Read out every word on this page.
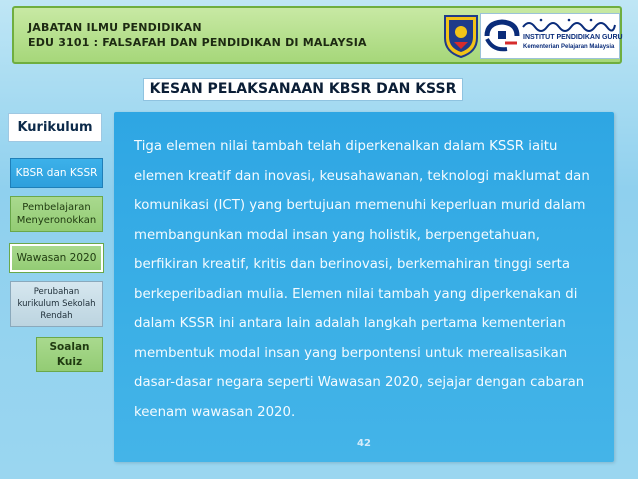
JABATAN ILMU PENDIDIKAN
EDU 3101 : FALSAFAH DAN PENDIDIKAN DI MALAYSIA	INSTITUT PENDIDIKAN GURU
Kementerian Pelajaran Malaysia
KESAN PELAKSANAAN KBSR DAN KSSR
Kurikulum
KBSR dan KSSR
Pembelajaran
Menyeronokkan
Wawasan 2020
Perubahan
kurikulum Sekolah
Rendah
Soalan
Kuiz

Tiga elemen nilai tambah telah diperkenalkan dalam KSSR iaitu elemen kreatif dan inovasi, keusahawanan, teknologi maklumat dan komunikasi (ICT) yang bertujuan memenuhi keperluan murid dalam membangunkan modal insan yang holistik, berpengetahuan, berfikiran kreatif, kritis dan berinovasi, berkemahiran tinggi serta berkeperibadian mulia. Elemen nilai tambah yang diperkenakan di dalam KSSR ini antara lain adalah langkah pertama kementerian membentuk modal insan yang berpontensi untuk merealisasikan dasar-dasar negara seperti Wawasan 2020, sejajar dengan cabaran keenam wawasan 2020.

42
